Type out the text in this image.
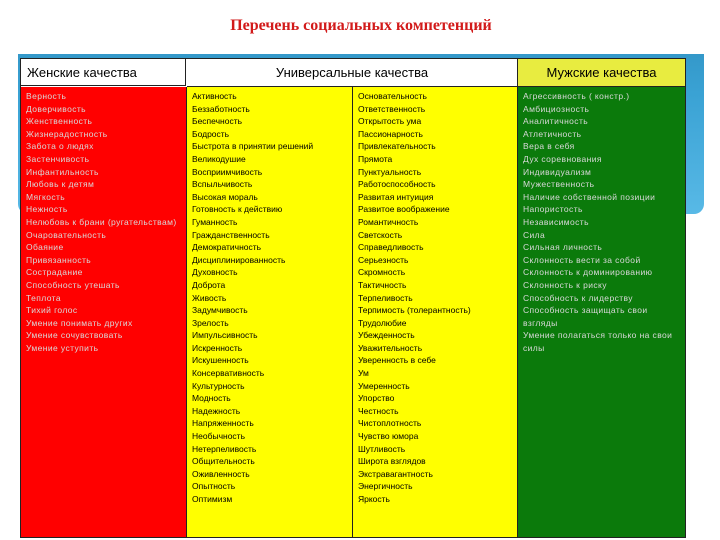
Перечень социальных компетенций
Женские качества	Универсальные качества	Мужские качества
Верность
Доверчивость
Женственность
Жизнерадостность
Забота о людях
Застенчивость
Инфантильность
Любовь к детям
Мягкость
Нежность
Нелюбовь к брани (ругательствам)
Очаровательность
Обаяние
Привязанность
Сострадание
Способность утешать
Теплота
Тихий голос
Умение понимать других
Умение сочувствовать
Умение уступить
Активность
Беззаботность
Беспечность
Бодрость
Быстрота в принятии решений
Великодушие
Восприимчивость
Вспыльчивость
Высокая мораль
Готовность к действию
Гуманность
Гражданственность
Демократичность
Дисциплинированность
Духовность
Доброта
Живость
Задумчивость
Зрелость
Импульсивность
Искренность
Искушенность
Консервативность
Культурность
Модность
Надежность
Напряженность
Необычность
Нетерпеливость
Общительность
Оживленность
Опытность
Оптимизм
Основательность
Ответственность
Открытость ума
Пассионарность
Привлекательность
Прямота
Пунктуальность
Работоспособность
Развитая интуиция
Развитое воображение
Романтичность
Светскость
Справедливость
Серьезность
Скромность
Тактичность
Терпеливость
Терпимость (толерантность)
Трудолюбие
Убежденность
Уважительность
Уверенность в себе
Ум
Умеренность
Упорство
Честность
Чистоплотность
Чувство юмора
Шутливость
Широта взглядов
Экстравагантность
Энергичность
Яркость
Агрессивность ( констр.)
Амбициозность
Аналитичность
Атлетичность
Вера в себя
Дух соревнования
Индивидуализм
Мужественность
Наличие собственной позиции
Напористость
Независимость
Сила
Сильная личность
Склонность вести за собой
Склонность к доминированию
Склонность к риску
Способность к лидерству
Способность защищать свои взгляды
Умение полагаться только на свои силы
